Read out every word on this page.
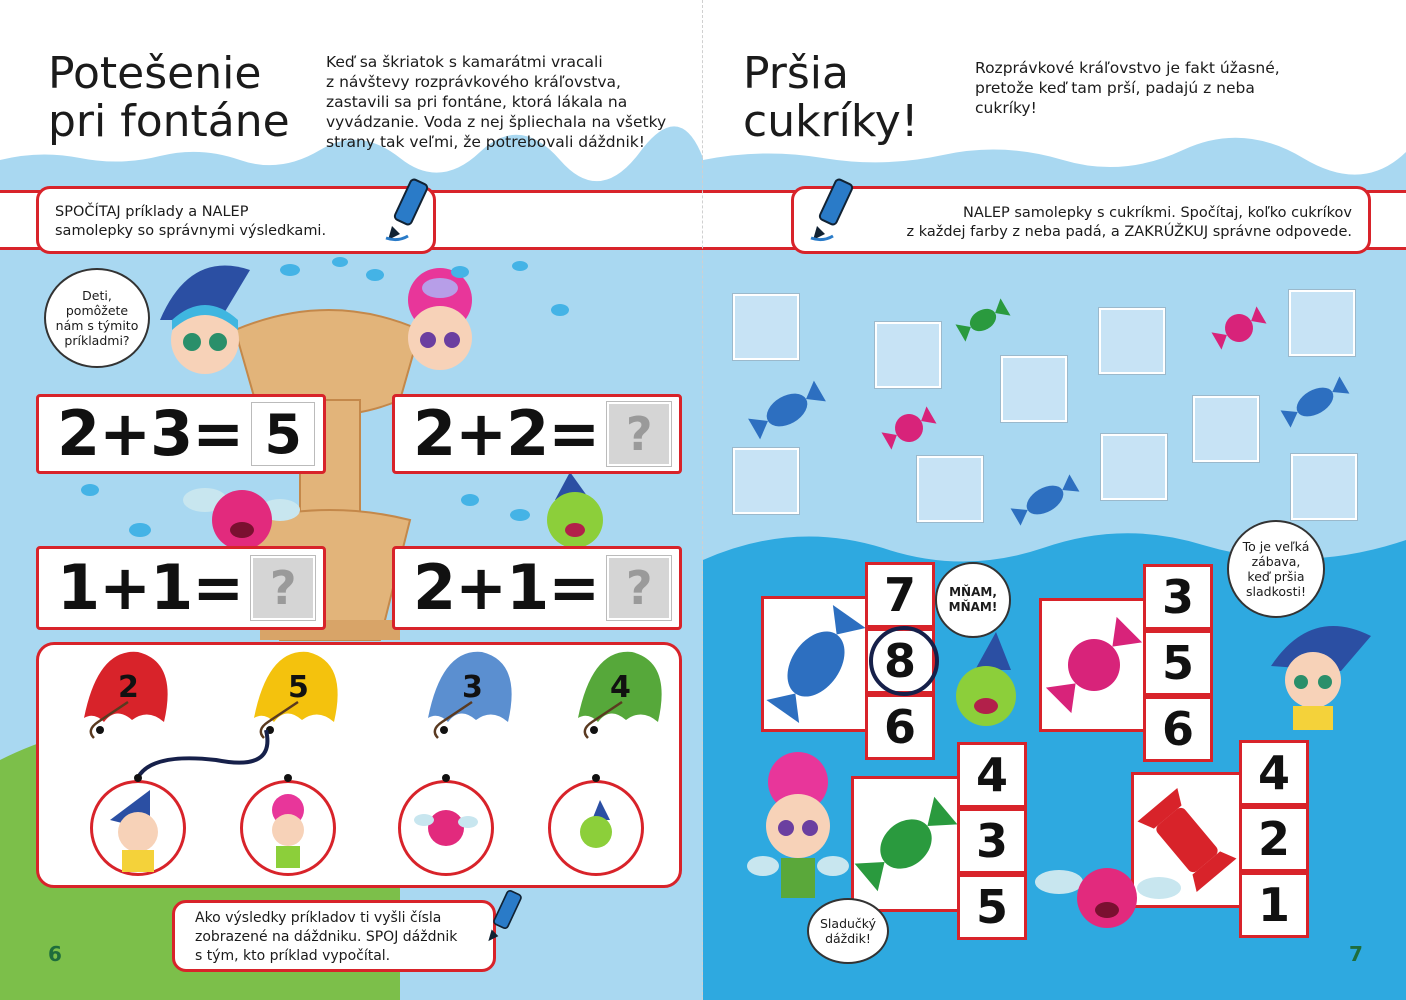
Potešenie
pri fontáne
Keď sa škriatok s kamarátmi vracali
z návštevy rozprávkového kráľovstva,
zastavili sa pri fontáne, ktorá lákala na
vyvádzanie. Voda z nej špliechala na všetky
strany tak veľmi, že potrebovali dáždnik!
SPOČÍTAJ príklady a NALEP
samolepky so správnymi výsledkami.
Deti,
pomôžete
nám s týmito
príkladmi?
2+3= 5 2+2= ?
1+1= ?	2+1= ?
2	5	3	4
Ako výsledky príkladov ti vyšli čísla
zobrazené na dáždniku. SPOJ dáždnik
s tým, kto príklad vypočítal.
6
Pršia
cukríky!
Rozprávkové kráľovstvo je fakt úžasné,
pretože keď tam prší, padajú z neba
cukríky!
NALEP samolepky s cukríkmi. Spočítaj, koľko cukríkov
z každej farby z neba padá, a ZAKRÚŽKUJ správne odpovede.
7
8
6
3
5
6
4
3
5
4
2
1
MŇAM,
MŇAM!
To je veľká
zábava,
keď pršia
sladkosti!
Sladučký
dáždik!
7
